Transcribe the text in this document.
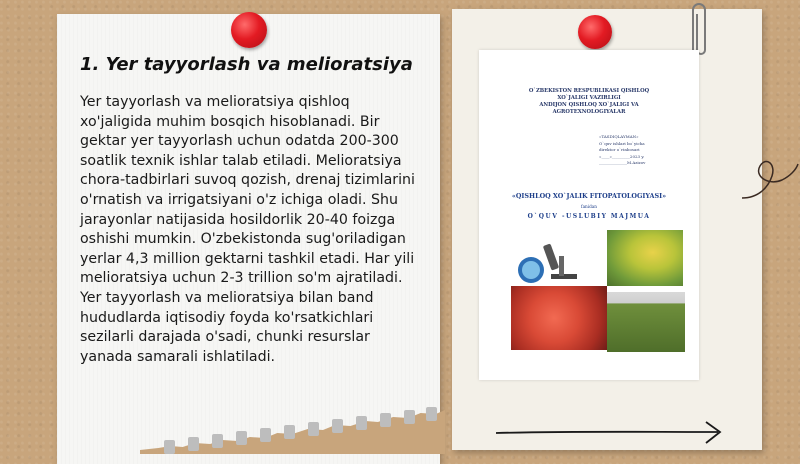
1. Yer tayyorlash va melioratsiya

Yer tayyorlash va melioratsiya qishloq xo'jaligida muhim bosqich hisoblanadi. Bir gektar yer tayyorlash uchun odatda 200-300 soatlik texnik ishlar talab etiladi. Melioratsiya chora-tadbirlari suvoq qozish, drenaj tizimlarini o'rnatish va irrigatsiyani o'z ichiga oladi. Shu jarayonlar natijasida hosildorlik 20-40 foizga oshishi mumkin. O'zbekistonda sug'oriladigan yerlar 4,3 million gektarni tashkil etadi. Har yili melioratsiya uchun 2-3 trillion so'm ajratiladi. Yer tayyorlash va melioratsiya bilan band hududlarda iqtisodiy foyda ko'rsatkichlari sezilarli darajada o'sadi, chunki resurslar yanada samarali ishlatiladi.

O`ZBEKISTON RESPUBLIKASI QISHLOQ
XO`JALIGI VAZIRLIGI
ANDIJON QISHLOQ XO`JALIGI VA
AGROTEXNOLOGIYALAR
«TASDIQLAYMAN»
O`quv ishlari bo`yicha
direktor o`rinbosari
«____»_________2023 y.
______________M.Azizov
«QISHLOQ XO`JALIK FITOPATOLOGIYASI»
fanidan
O`QUV -USLUBIY MAJMUA
